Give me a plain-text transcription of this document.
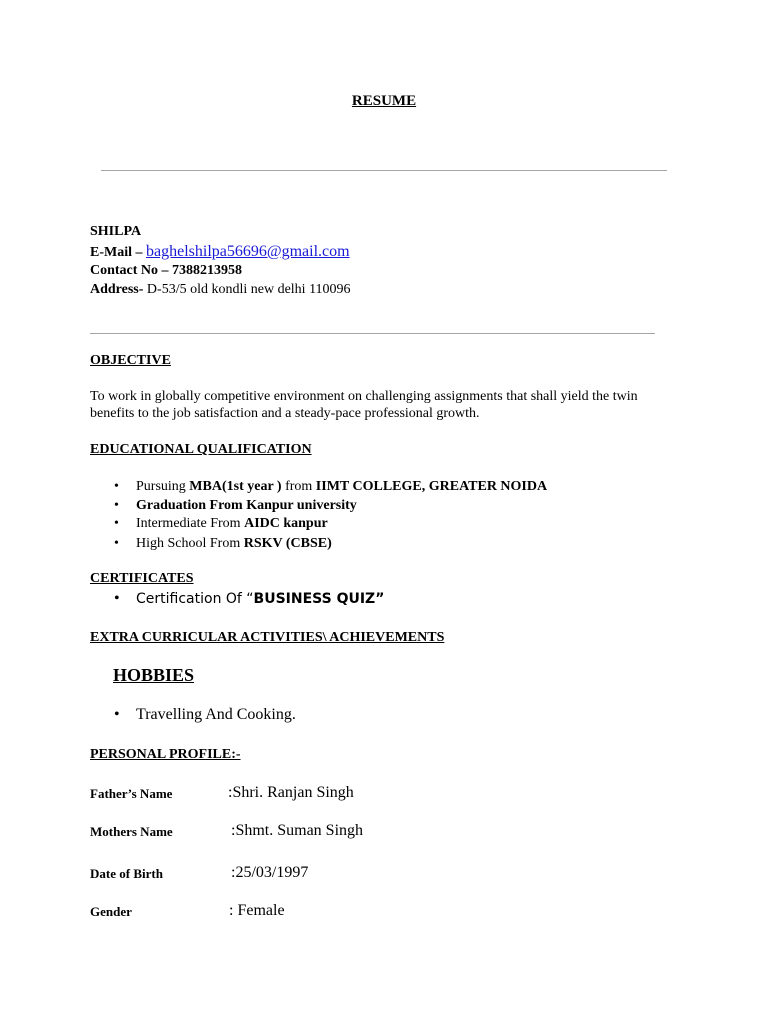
RESUME
SHILPA
E-Mail – baghelshilpa56696@gmail.com
Contact No – 7388213958
Address- D-53/5 old kondli new delhi 110096
OBJECTIVE
To work in globally competitive environment on challenging assignments that shall yield the twin benefits to the job satisfaction and a steady-pace professional growth.
EDUCATIONAL QUALIFICATION
• Pursuing MBA(1st year ) from IIMT COLLEGE, GREATER NOIDA
• Graduation From Kanpur university
• Intermediate From AIDC kanpur
• High School From RSKV (CBSE)
CERTIFICATES
• Certification Of “BUSINESS QUIZ”
EXTRA CURRICULAR ACTIVITIES\ ACHIEVEMENTS
HOBBIES
• Travelling And Cooking.
PERSONAL PROFILE:-
Father’s Name	:Shri. Ranjan Singh
Mothers Name	:Shmt. Suman Singh
Date of Birth	:25/03/1997
Gender	: Female
